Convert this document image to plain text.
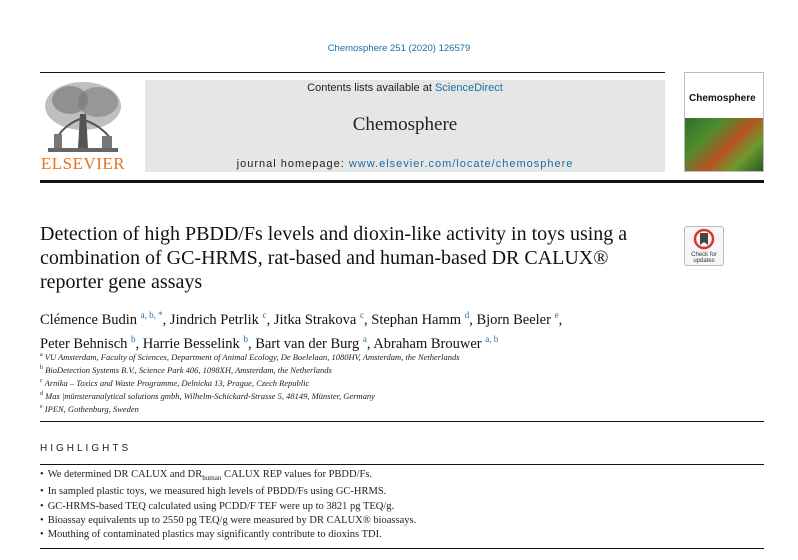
Chemosphere 251 (2020) 126579
ELSEVIER
Contents lists available at ScienceDirect
Chemosphere
journal homepage: www.elsevier.com/locate/chemosphere
Chemosphere
Detection of high PBDD/Fs levels and dioxin-like activity in toys using a combination of GC-HRMS, rat-based and human-based DR CALUX® reporter gene assays
Check for
updates
Clémence Budin $^{a, b, *}$, Jindrich Petrlik $^c$, Jitka Strakova $^c$, Stephan Hamm $^d$, Bjorn Beeler $^e$,
Peter Behnisch $^b$, Harrie Besselink $^b$, Bart van der Burg $^a$, Abraham Brouwer $^{a, b}$
$^a$ VU Amsterdam, Faculty of Sciences, Department of Animal Ecology, De Boelelaan, 1080HV, Amsterdam, the Netherlands
$^b$ BioDetection Systems B.V., Science Park 406, 1098XH, Amsterdam, the Netherlands
$^c$ Arnika – Toxics and Waste Programme, Delnicka 13, Prague, Czech Republic
$^d$ Mas |münsteranalytical solutions gmbh, Wilhelm-Schickard-Strasse 5, 48149, Münster, Germany
$^e$ IPEN, Gothenburg, Sweden
HIGHLIGHTS
• We determined DR CALUX and $DR_{human}$ CALUX REP values for PBDD/Fs.
• In sampled plastic toys, we measured high levels of PBDD/Fs using GC-HRMS.
• GC-HRMS-based TEQ calculated using PCDD/F TEF were up to 3821 pg TEQ/g.
• Bioassay equivalents up to 2550 pg TEQ/g were measured by DR CALUX® bioassays.
• Mouthing of contaminated plastics may significantly contribute to dioxins TDI.
